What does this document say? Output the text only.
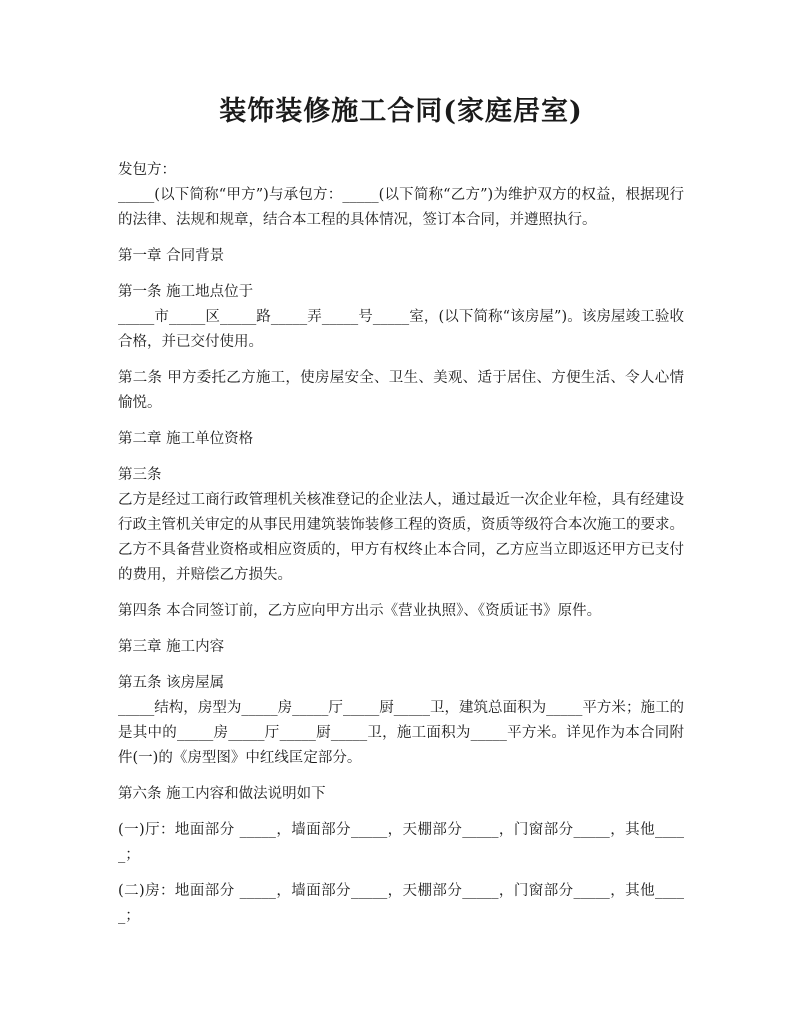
装饰装修施工合同(家庭居室)
发包方：
_____(以下简称“甲方”)与承包方：_____(以下简称“乙方”)为维护双方的权益，根据现行的法律、法规和规章，结合本工程的具体情况，签订本合同，并遵照执行。
第一章 合同背景
第一条 施工地点位于
_____市_____区_____路_____弄_____号_____室，(以下简称“该房屋”)。该房屋竣工验收合格，并已交付使用。
第二条 甲方委托乙方施工，使房屋安全、卫生、美观、适于居住、方便生活、令人心情愉悦。
第二章 施工单位资格
第三条
乙方是经过工商行政管理机关核准登记的企业法人，通过最近一次企业年检，具有经建设行政主管机关审定的从事民用建筑装饰装修工程的资质，资质等级符合本次施工的要求。乙方不具备营业资格或相应资质的，甲方有权终止本合同，乙方应当立即返还甲方已支付的费用，并赔偿乙方损失。
第四条 本合同签订前，乙方应向甲方出示《营业执照》、《资质证书》原件。
第三章 施工内容
第五条 该房屋属
_____结构，房型为_____房_____厅_____厨_____卫，建筑总面积为_____平方米；施工的是其中的_____房_____厅_____厨_____卫，施工面积为_____平方米。详见作为本合同附件(一)的《房型图》中红线匡定部分。
第六条 施工内容和做法说明如下
(一)厅：地面部分 _____，墙面部分_____，天棚部分_____，门窗部分_____，其他_____；
(二)房：地面部分 _____，墙面部分_____，天棚部分_____，门窗部分_____，其他_____；
